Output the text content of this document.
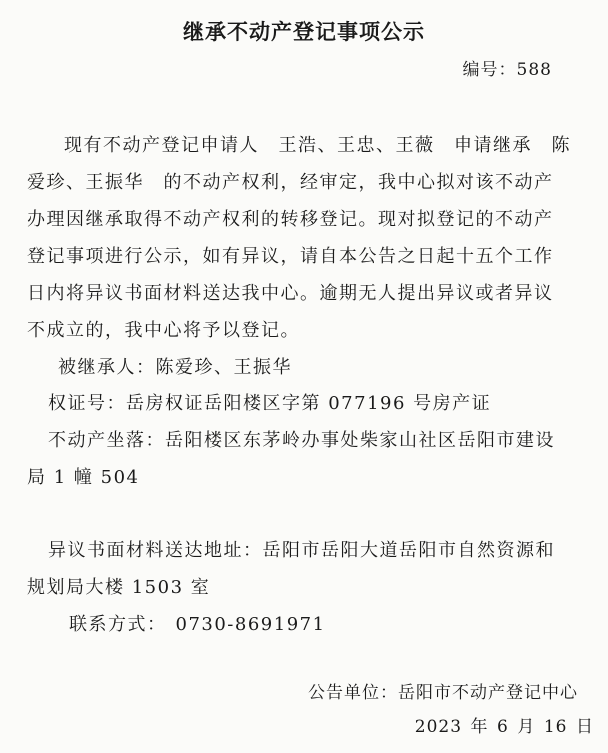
继承不动产登记事项公示
编号：588
现有不动产登记申请人　王浩、王忠、王薇　申请继承　陈
爱珍、王振华　的不动产权利，经审定，我中心拟对该不动产
办理因继承取得不动产权利的转移登记。现对拟登记的不动产
登记事项进行公示，如有异议，请自本公告之日起十五个工作
日内将异议书面材料送达我中心。逾期无人提出异议或者异议
不成立的，我中心将予以登记。
被继承人：陈爱珍、王振华
权证号：岳房权证岳阳楼区字第 077196 号房产证
不动产坐落：岳阳楼区东茅岭办事处柴家山社区岳阳市建设
局 1 幢 504
异议书面材料送达地址：岳阳市岳阳大道岳阳市自然资源和
规划局大楼 1503 室
联系方式： 0730-8691971
公告单位：岳阳市不动产登记中心
2023 年 6 月 16 日
